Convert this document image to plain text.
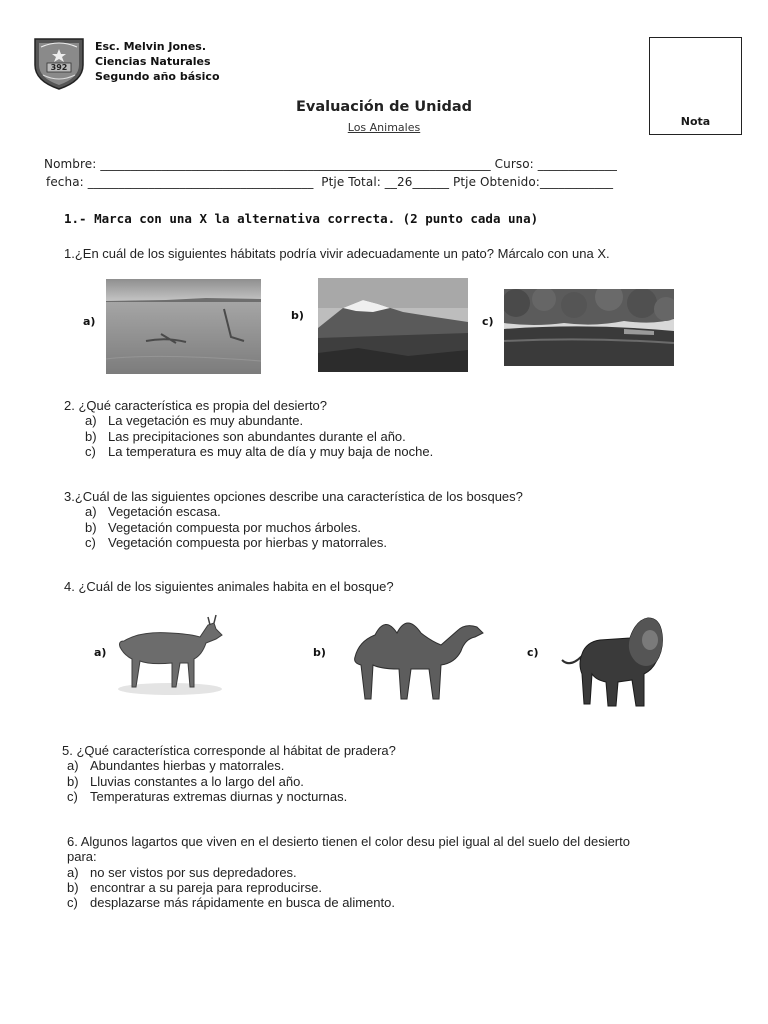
392
Esc. Melvin Jones.
Ciencias Naturales
Segundo año básico
Nota
Evaluación de Unidad
Los Animales
Nombre: ________________________________________________________________ Curso: _____________
fecha: _____________________________________  Ptje Total: __26______ Ptje Obtenido:____________
1.- Marca con una X la alternativa correcta. (2 punto cada una)
1.¿En cuál de los siguientes hábitats podría vivir adecuadamente un pato? Márcalo con una X.
a)	b)	c)
2. ¿Qué característica es propia del desierto?
a) La vegetación es muy abundante.
b) Las precipitaciones son abundantes durante el año.
c) La temperatura es muy alta de día y muy baja de noche.
3.¿Cuál de las siguientes opciones describe una característica de los bosques?
a) Vegetación escasa.
b) Vegetación compuesta por muchos árboles.
c) Vegetación compuesta por hierbas y matorrales.
4. ¿Cuál de los siguientes animales habita en el bosque?
a)	b)	c)
5. ¿Qué característica corresponde al hábitat de pradera?
a) Abundantes hierbas y matorrales.
b) Lluvias constantes a lo largo del año.
c) Temperaturas extremas diurnas y nocturnas.
6. Algunos lagartos que viven en el desierto tienen el color desu piel igual al del suelo del desierto
para:
a) no ser vistos por sus depredadores.
b) encontrar a su pareja para reproducirse.
c) desplazarse más rápidamente en busca de alimento.
